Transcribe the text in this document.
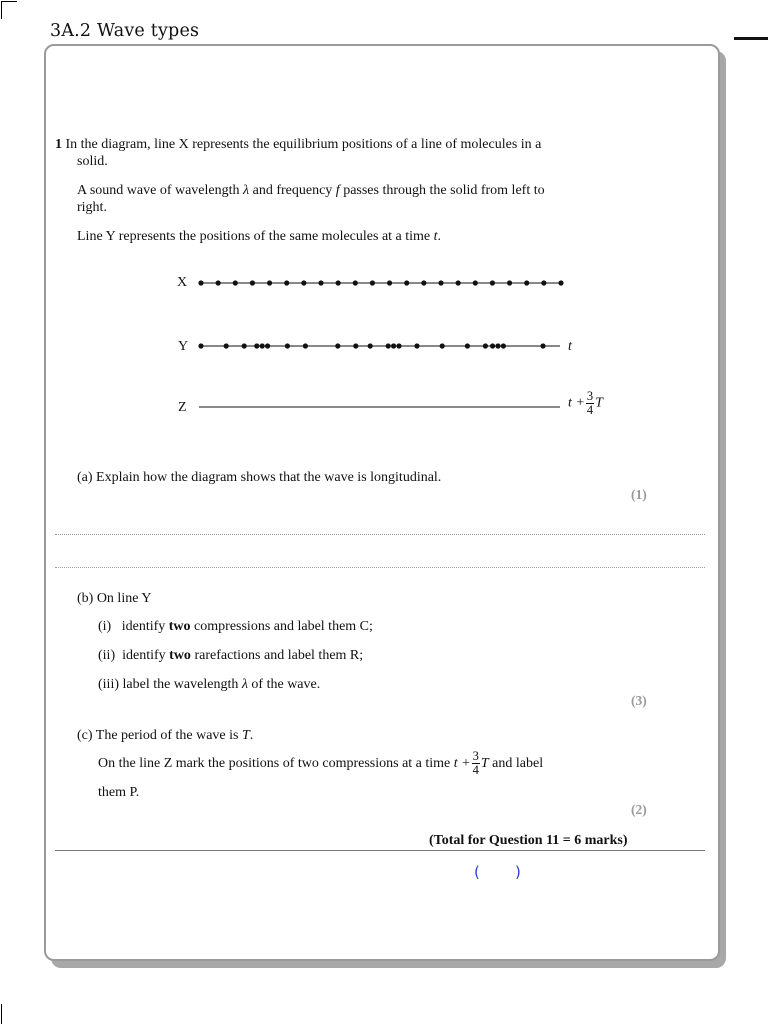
3A.2 Wave types
1 In the diagram, line X represents the equilibrium positions of a line of molecules in a
solid.
A sound wave of wavelength λ and frequency f passes through the solid from left to
right.
Line Y represents the positions of the same molecules at a time t.
X
Y
Z
t
$t + \frac{3}{4}$ T
(a) Explain how the diagram shows that the wave is longitudinal.
(1)
(b) On line Y
(i) identify two compressions and label them C;
(ii) identify two rarefactions and label them R;
(iii) label the wavelength λ of the wave.
(3)
(c) The period of the wave is T.
On the line Z mark the positions of two compressions at a time $t + \frac{3}{4}$ T and label
them P.
(2)
(Total for Question 11 = 6 marks)
( )
